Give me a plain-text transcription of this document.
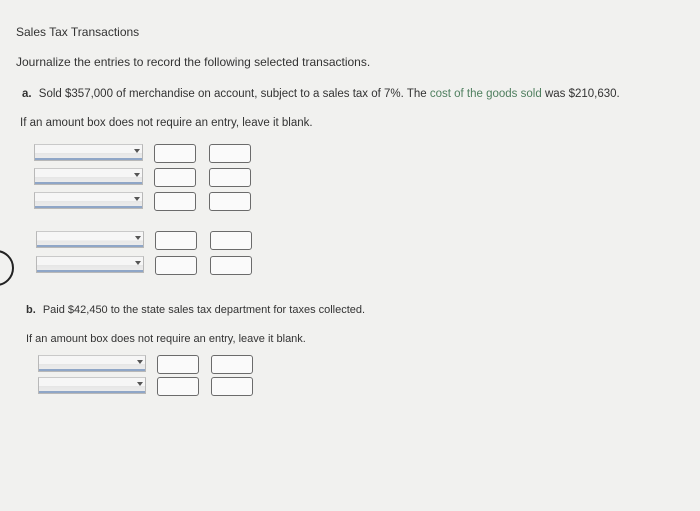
Sales Tax Transactions
Journalize the entries to record the following selected transactions.
a. Sold $357,000 of merchandise on account, subject to a sales tax of 7%. The cost of the goods sold was $210,630.
If an amount box does not require an entry, leave it blank.
b. Paid $42,450 to the state sales tax department for taxes collected.
If an amount box does not require an entry, leave it blank.
